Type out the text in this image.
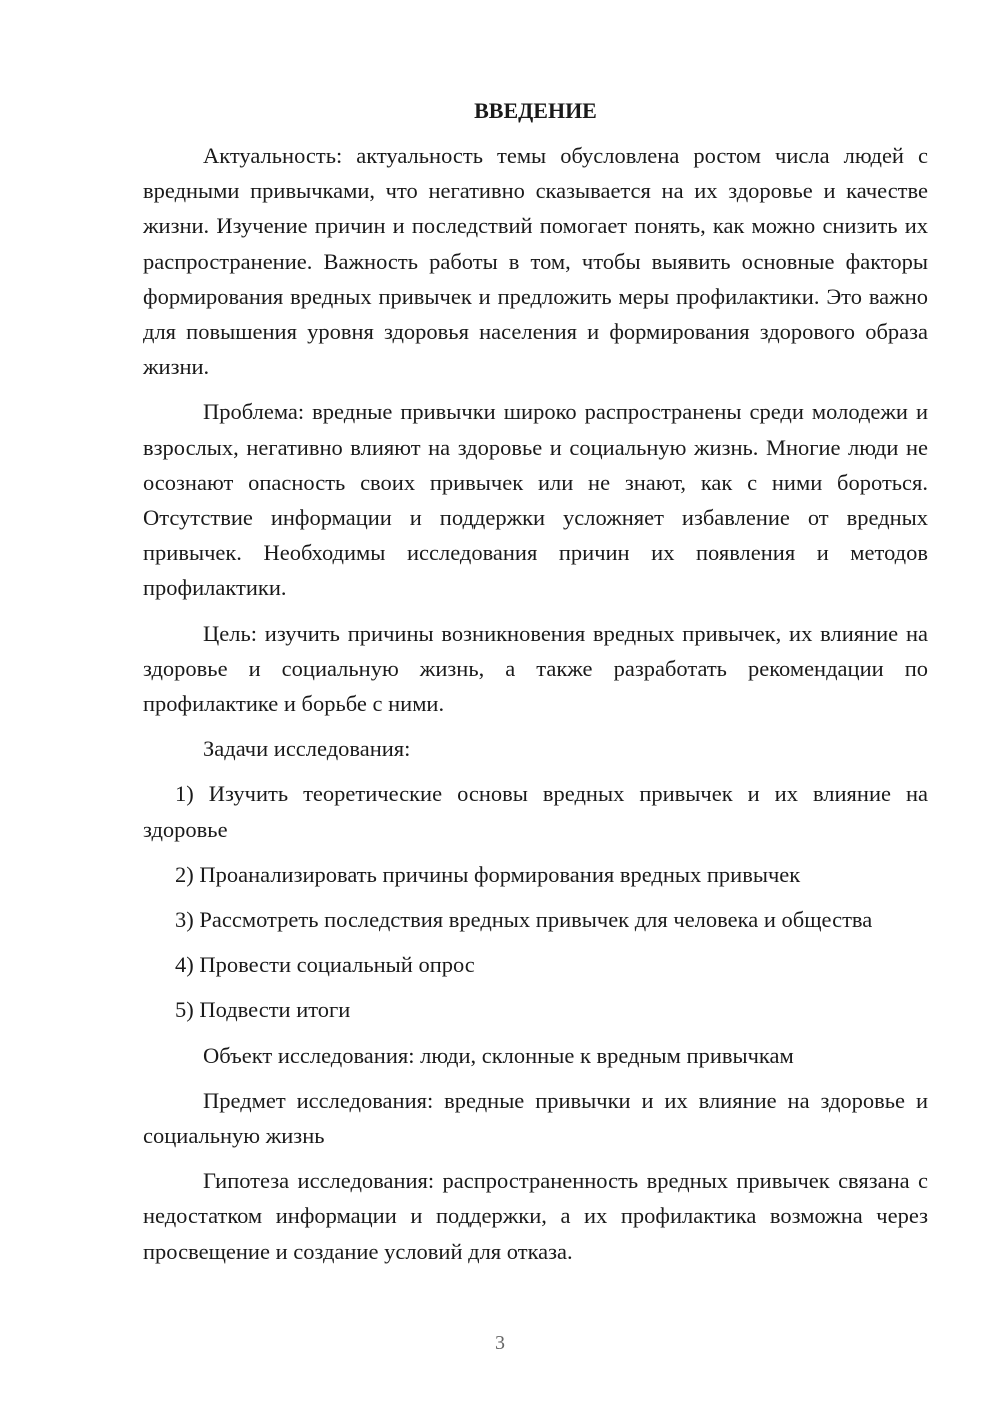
ВВЕДЕНИЕ

Актуальность: актуальность темы обусловлена ростом числа людей с вредными привычками, что негативно сказывается на их здоровье и качестве жизни. Изучение причин и последствий помогает понять, как можно снизить их распространение. Важность работы в том, чтобы выявить основные факторы формирования вредных привычек и предложить меры профилактики. Это важно для повышения уровня здоровья населения и формирования здорового образа жизни.

Проблема: вредные привычки широко распространены среди молодежи и взрослых, негативно влияют на здоровье и социальную жизнь. Многие люди не осознают опасность своих привычек или не знают, как с ними бороться. Отсутствие информации и поддержки усложняет избавление от вредных привычек. Необходимы исследования причин их появления и методов профилактики.

Цель: изучить причины возникновения вредных привычек, их влияние на здоровье и социальную жизнь, а также разработать рекомендации по профилактике и борьбе с ними.

Задачи исследования:

1) Изучить теоретические основы вредных привычек и их влияние на здоровье

2) Проанализировать причины формирования вредных привычек

3) Рассмотреть последствия вредных привычек для человека и общества

4) Провести социальный опрос

5) Подвести итоги

Объект исследования: люди, склонные к вредным привычкам

Предмет исследования: вредные привычки и их влияние на здоровье и социальную жизнь

Гипотеза исследования: распространенность вредных привычек связана с недостатком информации и поддержки, а их профилактика возможна через просвещение и создание условий для отказа.

3
